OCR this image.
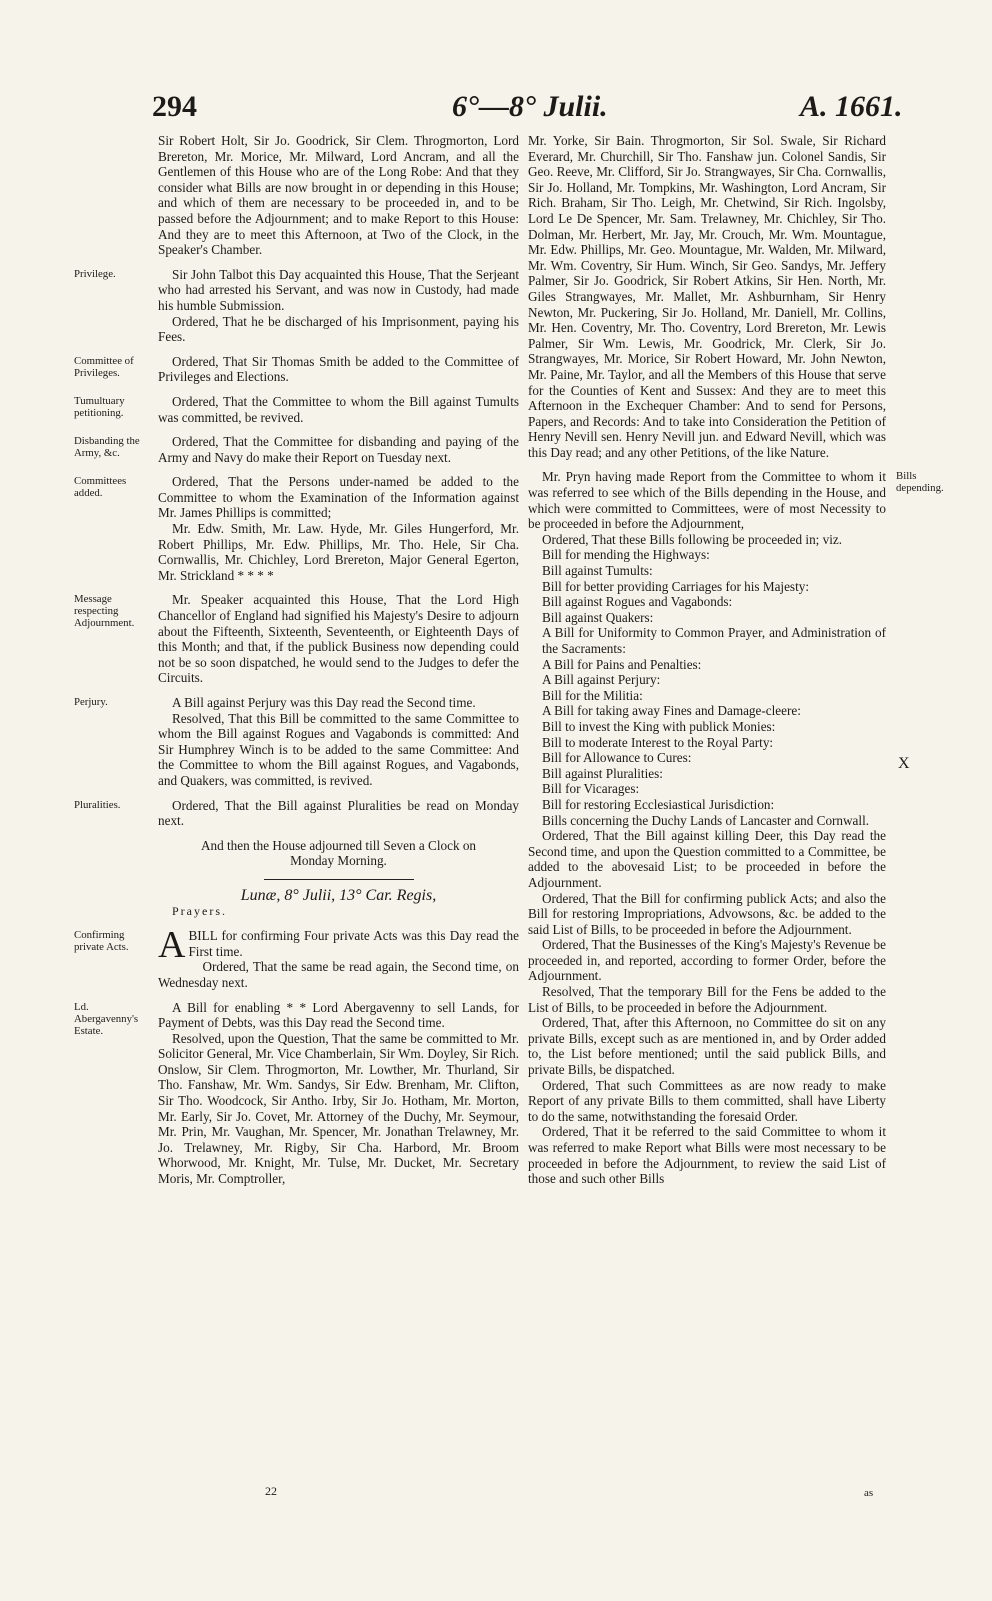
294	6°—8° Julii.	A. 1661.

Sir Robert Holt, Sir Jo. Goodrick, Sir Clem. Throgmorton, Lord Brereton, Mr. Morice, Mr. Milward, Lord Ancram, and all the Gentlemen of this House who are of the Long Robe: And that they consider what Bills are now brought in or depending in this House; and which of them are necessary to be proceeded in, and to be passed before the Adjournment; and to make Report to this House: And they are to meet this Afternoon, at Two of the Clock, in the Speaker's Chamber.

Privilege.	Sir John Talbot this Day acquainted this House, That the Serjeant who had arrested his Servant, and was now in Custody, had made his humble Submission.

Ordered, That he be discharged of his Imprisonment, paying his Fees.

Committee of Privileges.

Ordered, That Sir Thomas Smith be added to the Committee of Privileges and Elections.

Tumultuary petitioning.

Ordered, That the Committee to whom the Bill against Tumults was committed, be revived.

Disbanding the Army, &c.

Ordered, That the Committee for disbanding and paying of the Army and Navy do make their Report on Tuesday next.

Committees added.

Ordered, That the Persons under-named be added to the Committee to whom the Examination of the Information against Mr. James Phillips is committed;

Mr. Edw. Smith, Mr. Law. Hyde, Mr. Giles Hungerford, Mr. Robert Phillips, Mr. Edw. Phillips, Mr. Tho. Hele, Sir Cha. Cornwallis, Mr. Chichley, Lord Brereton, Major General Egerton, Mr. Strickland * * * *

Message respecting Adjournment.

Mr. Speaker acquainted this House, That the Lord High Chancellor of England had signified his Majesty's Desire to adjourn about the Fifteenth, Sixteenth, Seventeenth, or Eighteenth Days of this Month; and that, if the publick Business now depending could not be so soon dispatched, he would send to the Judges to defer the Circuits.

Perjury.	A Bill against Perjury was this Day read the Second time.

Resolved, That this Bill be committed to the same Committee to whom the Bill against Rogues and Vagabonds is committed: And Sir Humphrey Winch is to be added to the same Committee: And the Committee to whom the Bill against Rogues, and Vagabonds, and Quakers, was committed, is revived.

Pluralities.	Ordered, That the Bill against Pluralities be read on Monday next.

And then the House adjourned till Seven a Clock on Monday Morning.

Lunæ, 8° Julii, 13° Car. Regis,

Prayers.

Confirming private Acts. ABILL for confirming Four private Acts was this Day read the First time.

Ordered, That the same be read again, the Second time, on Wednesday next.

Ld. Abergavenny's Estate.

A Bill for enabling * * Lord Abergavenny to sell Lands, for Payment of Debts, was this Day read the Second time.

Resolved, upon the Question, That the same be committed to Mr. Solicitor General, Mr. Vice Chamberlain, Sir Wm. Doyley, Sir Rich. Onslow, Sir Clem. Throgmorton, Mr. Lowther, Mr. Thurland, Sir Tho. Fanshaw, Mr. Wm. Sandys, Sir Edw. Brenham, Mr. Clifton, Sir Tho. Woodcock, Sir Antho. Irby, Sir Jo. Hotham, Mr. Morton, Mr. Early, Sir Jo. Covet, Mr. Attorney of the Duchy, Mr. Seymour, Mr. Prin, Mr. Vaughan, Mr. Spencer, Mr. Jonathan Trelawney, Mr. Jo. Trelawney, Mr. Rigby, Sir Cha. Harbord, Mr. Broom Whorwood, Mr. Knight, Mr. Tulse, Mr. Ducket, Mr. Secretary Moris, Mr. Comptroller,

Mr. Yorke, Sir Bain. Throgmorton, Sir Sol. Swale, Sir Richard Everard, Mr. Churchill, Sir Tho. Fanshaw jun. Colonel Sandis, Sir Geo. Reeve, Mr. Clifford, Sir Jo. Strangwayes, Sir Cha. Cornwallis, Sir Jo. Holland, Mr. Tompkins, Mr. Washington, Lord Ancram, Sir Rich. Braham, Sir Tho. Leigh, Mr. Chetwind, Sir Rich. Ingolsby, Lord Le De Spencer, Mr. Sam. Trelawney, Mr. Chichley, Sir Tho. Dolman, Mr. Herbert, Mr. Jay, Mr. Crouch, Mr. Wm. Mountague, Mr. Edw. Phillips, Mr. Geo. Mountague, Mr. Walden, Mr. Milward, Mr. Wm. Coventry, Sir Hum. Winch, Sir Geo. Sandys, Mr. Jeffery Palmer, Sir Jo. Goodrick, Sir Robert Atkins, Sir Hen. North, Mr. Giles Strangwayes, Mr. Mallet, Mr. Ashburnham, Sir Henry Newton, Mr. Puckering, Sir Jo. Holland, Mr. Daniell, Mr. Collins, Mr. Hen. Coventry, Mr. Tho. Coventry, Lord Brereton, Mr. Lewis Palmer, Sir Wm. Lewis, Mr. Goodrick, Mr. Clerk, Sir Jo. Strangwayes, Mr. Morice, Sir Robert Howard, Mr. John Newton, Mr. Paine, Mr. Taylor, and all the Members of this House that serve for the Counties of Kent and Sussex: And they are to meet this Afternoon in the Exchequer Chamber: And to send for Persons, Papers, and Records: And to take into Consideration the Petition of Henry Nevill sen. Henry Nevill jun. and Edward Nevill, which was this Day read; and any other Petitions, of the like Nature.

Bills depending.

Mr. Pryn having made Report from the Committee to whom it was referred to see which of the Bills depending in the House, and which were committed to Committees, were of most Necessity to be proceeded in before the Adjournment,

Ordered, That these Bills following be proceeded in; viz.

Bill for mending the Highways:

Bill against Tumults:

Bill for better providing Carriages for his Majesty:

Bill against Rogues and Vagabonds:

Bill against Quakers:

A Bill for Uniformity to Common Prayer, and Administration of the Sacraments:

A Bill for Pains and Penalties:

A Bill against Perjury:

Bill for the Militia:

A Bill for taking away Fines and Damage-cleere:

Bill to invest the King with publick Monies:

Bill to moderate Interest to the Royal Party:

Bill for Allowance to Cures:

Bill against Pluralities:

Bill for Vicarages:

Bill for restoring Ecclesiastical Jurisdiction:

Bills concerning the Duchy Lands of Lancaster and Cornwall.

Ordered, That the Bill against killing Deer, this Day read the Second time, and upon the Question committed to a Committee, be added to the abovesaid List; to be proceeded in before the Adjournment.

Ordered, That the Bill for confirming publick Acts; and also the Bill for restoring Impropriations, Advowsons, &c. be added to the said List of Bills, to be proceeded in before the Adjournment.

Ordered, That the Businesses of the King's Majesty's Revenue be proceeded in, and reported, according to former Order, before the Adjournment.

Resolved, That the temporary Bill for the Fens be added to the List of Bills, to be proceeded in before the Adjournment.

Ordered, That, after this Afternoon, no Committee do sit on any private Bills, except such as are mentioned in, and by Order added to, the List before mentioned; until the said publick Bills, and private Bills, be dispatched.

Ordered, That such Committees as are now ready to make Report of any private Bills to them committed, shall have Liberty to do the same, notwithstanding the foresaid Order.

Ordered, That it be referred to the said Committee to whom it was referred to make Report what Bills were most necessary to be proceeded in before the Adjournment, to review the said List of those and such other Bills

X
22	as
